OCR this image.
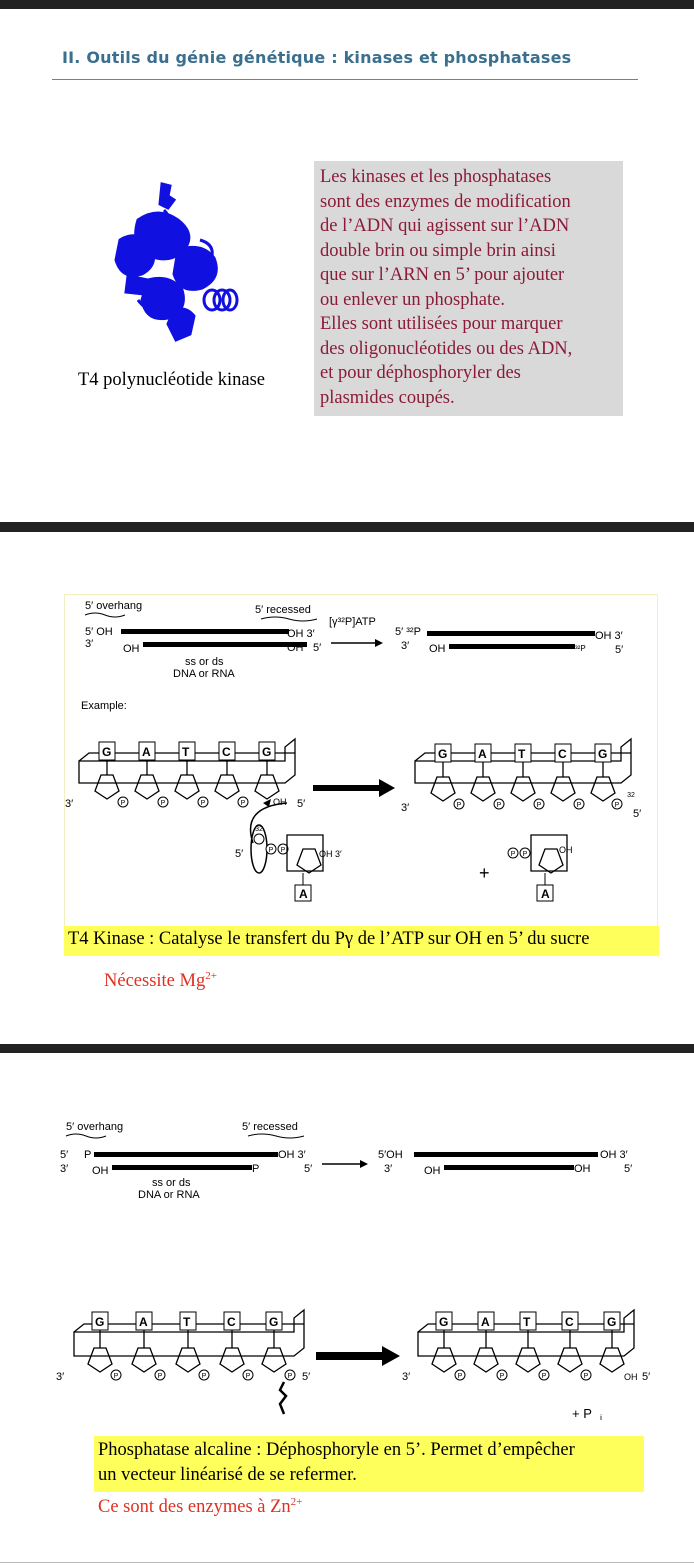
II. Outils du génie génétique : kinases et phosphatases
T4 polynucléotide kinase
Les kinases et les phosphatases
sont des enzymes de modification
de l’ADN qui agissent sur l’ADN
double brin ou simple brin ainsi
que sur l’ARN en 5’ pour ajouter
ou enlever un phosphate.
Elles sont utilisées pour marquer
des oligonucléotides ou des ADN,
et pour déphosphoryler des
plasmides coupés.
5′ overhang	5′ recessed
5′ OH
3′	OH
OH 3′
OH 5′
ss or ds
DNA or RNA
[γ³²P]ATP
5′ ³²P
3′ OH	³²P
OH 3′
5′
Example:
G	A	T	C	G
P	P	P	P
3′	OH 5′
32
P P
5′	OH 3′
A
G	A	T	C	G
P	P	P	P	P
32
3′	5′
+
P P	OH
A
T4 Kinase : Catalyse le transfert du Pγ de l’ATP sur OH en 5’ du sucre
Nécessite $Mg^{2+}$
5′ overhang	5′ recessed
5′ P
3′ OH
OH 3′
P	5′
ss or ds
DNA or RNA
5′OH
3′	OH	OH
OH 3′
5′
G	A	T	C	G
P	P	P	P	P
3′	5′
G	A	T	C	G
P	P	P	P
3′	OH 5′
+ P i
Phosphatase alcaline : Déphosphoryle en 5’. Permet d’empêcher
un vecteur linéarisé de se refermer.
Ce sont des enzymes à $Zn^{2+}$
